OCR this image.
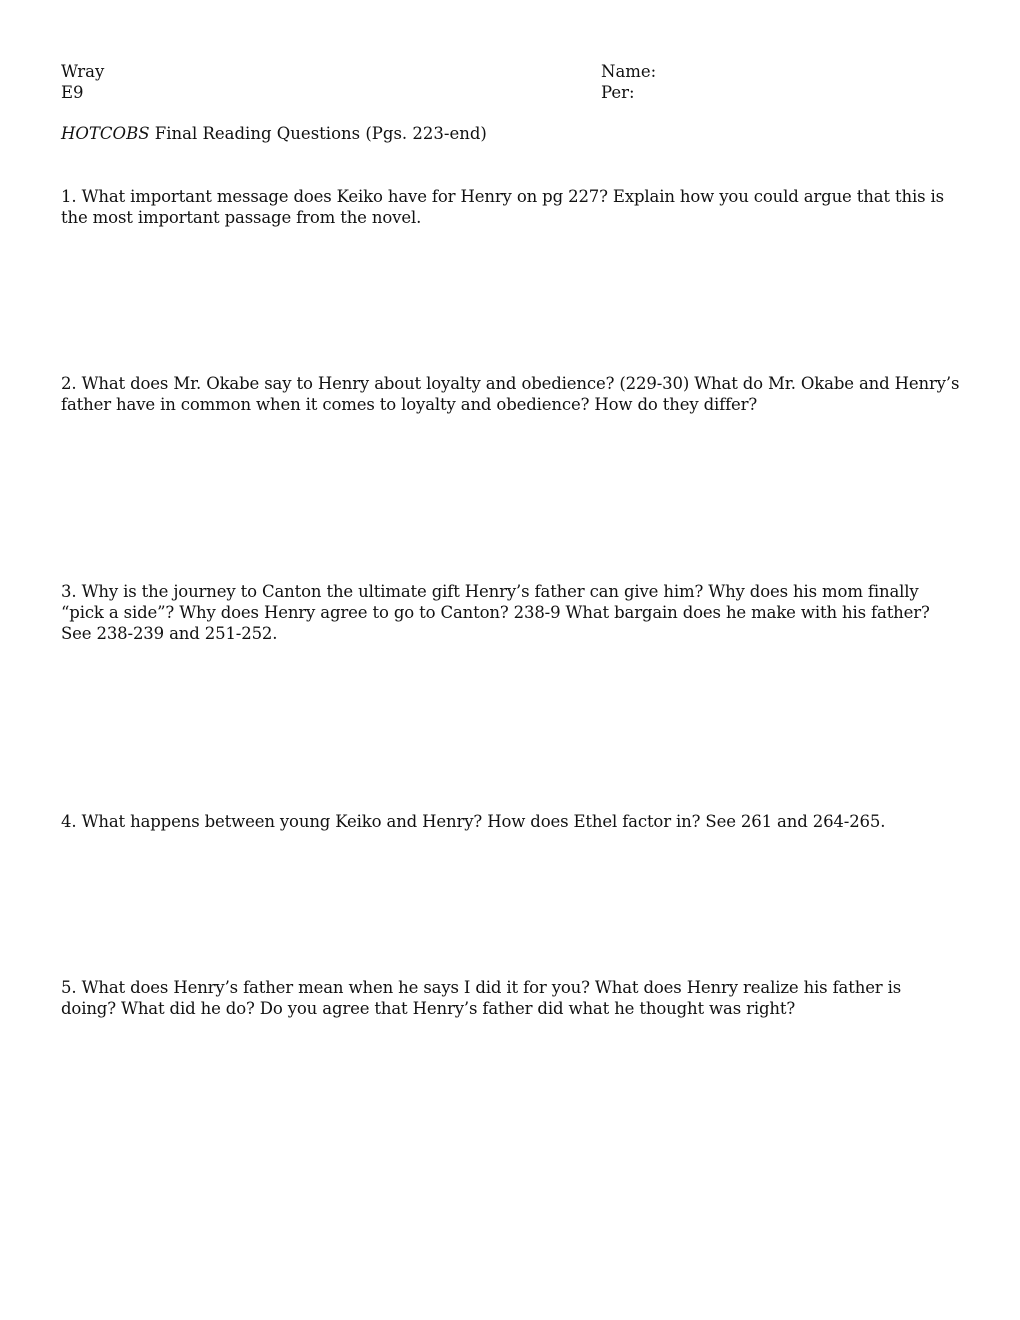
Wray
E9
Name:
Per:
HOTCOBS Final Reading Questions (Pgs. 223-end)
1. What important message does Keiko have for Henry on pg 227? Explain how you could argue that this is the most important passage from the novel.
2. What does Mr. Okabe say to Henry about loyalty and obedience? (229-30) What do Mr. Okabe and Henry’s father have in common when it comes to loyalty and obedience? How do they differ?
3. Why is the journey to Canton the ultimate gift Henry’s father can give him? Why does his mom finally “pick a side”? Why does Henry agree to go to Canton? 238-9 What bargain does he make with his father? See 238-239 and 251-252.
4. What happens between young Keiko and Henry? How does Ethel factor in? See 261 and 264-265.
5. What does Henry’s father mean when he says I did it for you? What does Henry realize his father is doing? What did he do? Do you agree that Henry’s father did what he thought was right?
